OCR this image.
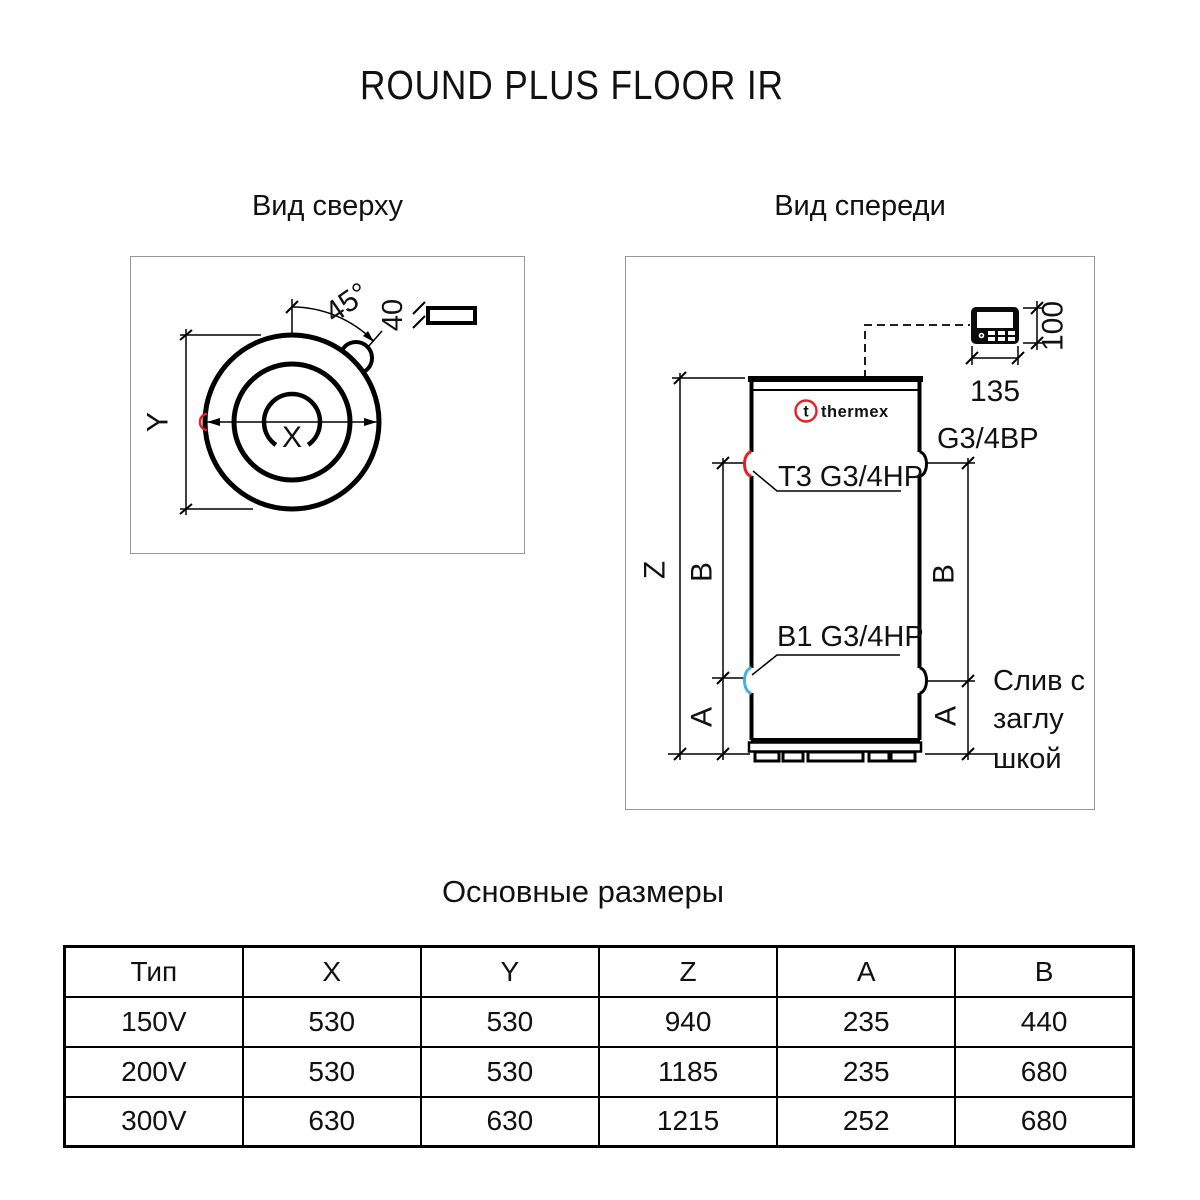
ROUND PLUS FLOOR IR
Вид сверху	Вид спереди
X
Y
45° 40
t thermex
Z B
A
B
A
100
135
G3/4ВР
Т3 G3/4НР
В1 G3/4НР
Слив с
заглу
шкой
Основные размеры
Тип	X	Y	Z	A	B
150V	530	530	940	235	440
200V	530	530	1185	235	680
300V	630	630	1215	252	680
